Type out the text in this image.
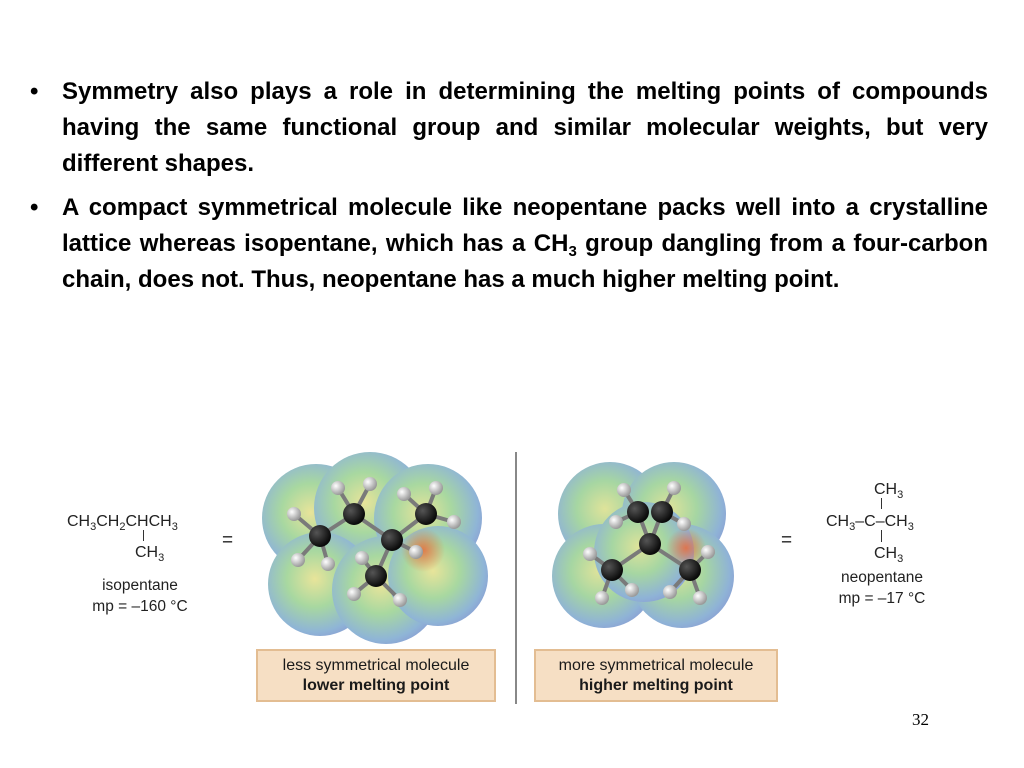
• Symmetry also plays a role in determining the melting points of compounds having the same functional group and similar molecular weights, but very different shapes.
• A compact symmetrical molecule like neopentane packs well into a crystalline lattice whereas isopentane, which has a $CH_3$ group dangling from a four-carbon chain, does not. Thus, neopentane has a much higher melting point.
$CH_3CH_2CHCH_3$
$CH_3$
isopentane
mp = –160 °C
=	=
$CH_3$
$CH_3-C-CH_3$
$CH_3$
neopentane
mp = –17 °C
less symmetrical molecule
lower melting point
more symmetrical molecule
higher melting point
32
